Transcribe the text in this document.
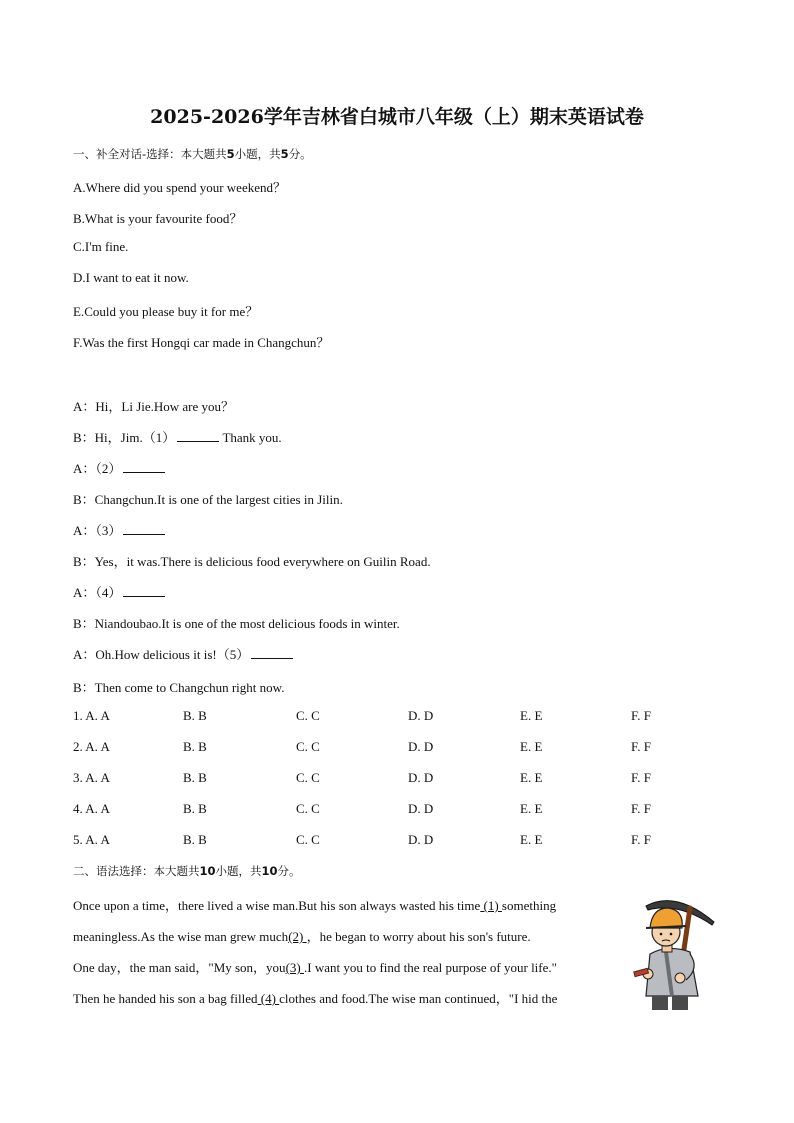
2025-2026学年吉林省白城市八年级（上）期末英语试卷
一、补全对话-选择：本大题共5小题，共5分。
A.Where did you spend your weekend？
B.What is your favourite food？
C.I'm fine.
D.I want to eat it now.
E.Could you please buy it for me？
F.Was the first Hongqi car made in Changchun？
A：Hi，Li Jie.How are you？
B：Hi，Jim.（1）	Thank you.
A：（2）
B：Changchun.It is one of the largest cities in Jilin.
A：（3）
B：Yes，it was.There is delicious food everywhere on Guilin Road.
A：（4）
B：Niandoubao.It is one of the most delicious foods in winter.
A：Oh.How delicious it is!（5）
B：Then come to Changchun right now.
1. A. A	B. B	C. C	D. D	E. E	F. F
2. A. A	B. B	C. C	D. D	E. E	F. F
3. A. A	B. B	C. C	D. D	E. E	F. F
4. A. A	B. B	C. C	D. D	E. E	F. F
5. A. A	B. B	C. C	D. D	E. E	F. F
二、语法选择：本大题共10小题，共10分。
Once upon a time，there lived a wise man.But his son always wasted his time (1) something
meaningless.As the wise man grew much(2) ，he began to worry about his son's future.
One day，the man said，"My son，you(3) .I want you to find the real purpose of your life."
Then he handed his son a bag filled (4) clothes and food.The wise man continued，"I hid the
